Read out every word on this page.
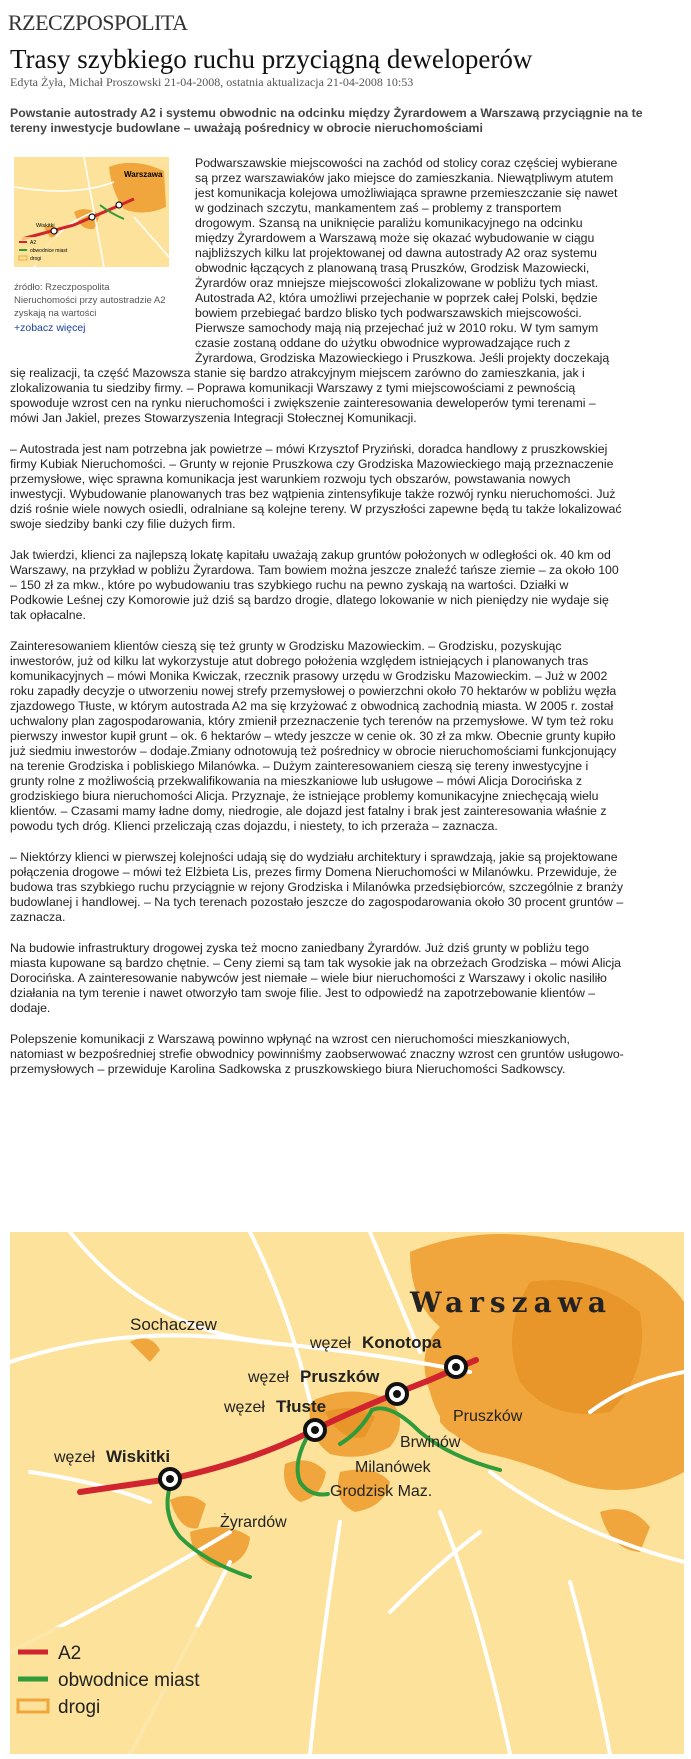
RZECZPOSPOLITA
Trasy szybkiego ruchu przyciągną deweloperów
Edyta Żyła, Michał Proszowski 21-04-2008, ostatnia aktualizacja 21-04-2008 10:53

Powstanie autostrady A2 i systemu obwodnic na odcinku między Żyrardowem a Warszawą przyciągnie na te tereny inwestycje budowlane – uważają pośrednicy w obrocie nieruchomościami

Warszawa
Wiskitki
A2
obwodnice miast
drogi
źródło: Rzeczpospolita
Nieruchomości przy autostradzie A2 zyskają na wartości
+zobacz więcej

Podwarszawskie miejscowości na zachód od stolicy coraz częściej wybierane są przez warszawiaków jako miejsce do zamieszkania. Niewątpliwym atutem jest komunikacja kolejowa umożliwiająca sprawne przemieszczanie się nawet w godzinach szczytu, mankamentem zaś – problemy z transportem drogowym. Szansą na uniknięcie paraliżu komunikacyjnego na odcinku między Żyrardowem a Warszawą może się okazać wybudowanie w ciągu najbliższych kilku lat projektowanej od dawna autostrady A2 oraz systemu obwodnic łączących z planowaną trasą Pruszków, Grodzisk Mazowiecki, Żyrardów oraz mniejsze miejscowości zlokalizowane w pobliżu tych miast. Autostrada A2, która umożliwi przejechanie w poprzek całej Polski, będzie bowiem przebiegać bardzo blisko tych podwarszawskich miejscowości. Pierwsze samochody mają nią przejechać już w 2010 roku. W tym samym czasie zostaną oddane do użytku obwodnice wyprowadzające ruch z Żyrardowa, Grodziska Mazowieckiego i Pruszkowa. Jeśli projekty doczekają się realizacji, ta część Mazowsza stanie się bardzo atrakcyjnym miejscem zarówno do zamieszkania, jak i zlokalizowania tu siedziby firmy. – Poprawa komunikacji Warszawy z tymi miejscowościami z pewnością spowoduje wzrost cen na rynku nieruchomości i zwiększenie zainteresowania deweloperów tymi terenami – mówi Jan Jakiel, prezes Stowarzyszenia Integracji Stołecznej Komunikacji.

– Autostrada jest nam potrzebna jak powietrze – mówi Krzysztof Pryziński, doradca handlowy z pruszkowskiej firmy Kubiak Nieruchomości. – Grunty w rejonie Pruszkowa czy Grodziska Mazowieckiego mają przeznaczenie przemysłowe, więc sprawna komunikacja jest warunkiem rozwoju tych obszarów, powstawania nowych inwestycji. Wybudowanie planowanych tras bez wątpienia zintensyfikuje także rozwój rynku nieruchomości. Już dziś rośnie wiele nowych osiedli, odralniane są kolejne tereny. W przyszłości zapewne będą tu także lokalizować swoje siedziby banki czy filie dużych firm.

Jak twierdzi, klienci za najlepszą lokatę kapitału uważają zakup gruntów położonych w odległości ok. 40 km od Warszawy, na przykład w pobliżu Żyrardowa. Tam bowiem można jeszcze znaleźć tańsze ziemie – za około 100 – 150 zł za mkw., które po wybudowaniu tras szybkiego ruchu na pewno zyskają na wartości. Działki w Podkowie Leśnej czy Komorowie już dziś są bardzo drogie, dlatego lokowanie w nich pieniędzy nie wydaje się tak opłacalne.

Zainteresowaniem klientów cieszą się też grunty w Grodzisku Mazowieckim. – Grodzisku, pozyskując inwestorów, już od kilku lat wykorzystuje atut dobrego położenia względem istniejących i planowanych tras komunikacyjnych – mówi Monika Kwiczak, rzecznik prasowy urzędu w Grodzisku Mazowieckim. – Już w 2002 roku zapadły decyzje o utworzeniu nowej strefy przemysłowej o powierzchni około 70 hektarów w pobliżu węzła zjazdowego Tłuste, w którym autostrada A2 ma się krzyżować z obwodnicą zachodnią miasta. W 2005 r. został uchwalony plan zagospodarowania, który zmienił przeznaczenie tych terenów na przemysłowe. W tym też roku pierwszy inwestor kupił grunt – ok. 6 hektarów – wtedy jeszcze w cenie ok. 30 zł za mkw. Obecnie grunty kupiło już siedmiu inwestorów – dodaje.Zmiany odnotowują też pośrednicy w obrocie nieruchomościami funkcjonujący na terenie Grodziska i pobliskiego Milanówka. – Dużym zainteresowaniem cieszą się tereny inwestycyjne i grunty rolne z możliwością przekwalifikowania na mieszkaniowe lub usługowe – mówi Alicja Dorocińska z grodziskiego biura nieruchomości Alicja. Przyznaje, że istniejące problemy komunikacyjne zniechęcają wielu klientów. – Czasami mamy ładne domy, niedrogie, ale dojazd jest fatalny i brak jest zainteresowania właśnie z powodu tych dróg. Klienci przeliczają czas dojazdu, i niestety, to ich przeraża – zaznacza.

– Niektórzy klienci w pierwszej kolejności udają się do wydziału architektury i sprawdzają, jakie są projektowane połączenia drogowe – mówi też Elżbieta Lis, prezes firmy Domena Nieruchomości w Milanówku. Przewiduje, że budowa tras szybkiego ruchu przyciągnie w rejony Grodziska i Milanówka przedsiębiorców, szczególnie z branży budowlanej i handlowej. – Na tych terenach pozostało jeszcze do zagospodarowania około 30 procent gruntów – zaznacza.

Na budowie infrastruktury drogowej zyska też mocno zaniedbany Żyrardów. Już dziś grunty w pobliżu tego miasta kupowane są bardzo chętnie. – Ceny ziemi są tam tak wysokie jak na obrzeżach Grodziska – mówi Alicja Dorocińska. A zainteresowanie nabywców jest niemałe – wiele biur nieruchomości z Warszawy i okolic nasiliło działania na tym terenie i nawet otworzyło tam swoje filie. Jest to odpowiedź na zapotrzebowanie klientów – dodaje.

Polepszenie komunikacji z Warszawą powinno wpłynąć na wzrost cen nieruchomości mieszkaniowych, natomiast w bezpośredniej strefie obwodnicy powinniśmy zaobserwować znaczny wzrost cen gruntów usługowo-przemysłowych – przewiduje Karolina Sadkowska z pruszkowskiego biura Nieruchomości Sadkowscy.

Warszawa
Sochaczew
węzeł Konotopa
węzeł Pruszków
węzeł Tłuste
węzeł Wiskitki
Pruszków
Brwinów
Milanówek
Grodzisk Maz.
Żyrardów
A2
obwodnice miast
drogi
